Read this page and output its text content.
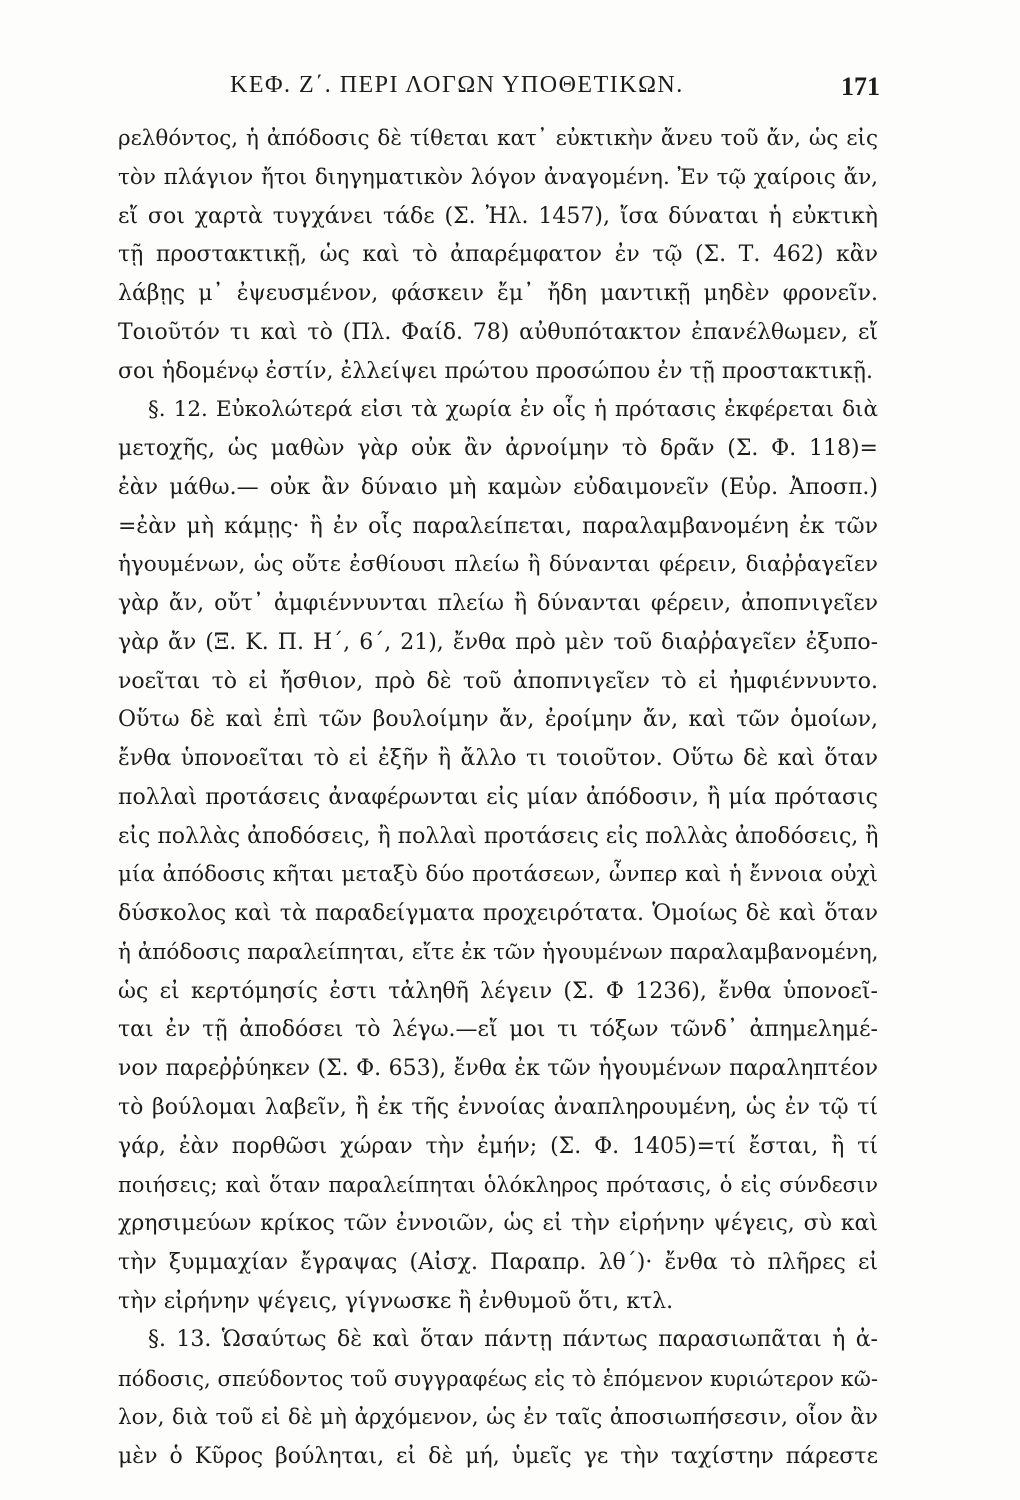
ΚΕΦ. Ζ΄. ΠΕΡΙ ΛΟΓΩΝ ΥΠΟΘΕΤΙΚΩΝ.	171
ρελθόντος, ἡ ἀπόδοσις δὲ τίθεται κατ᾽ εὐκτικὴν ἄνευ τοῦ ἄν, ὡς εἰς
τὸν πλάγιον ἤτοι διηγηματικὸν λόγον ἀναγομένη. Ἐν τῷ χαίροις ἄν,
εἴ σοι χαρτὰ τυγχάνει τάδε (Σ. Ἠλ. 1457), ἴσα δύναται ἡ εὐκτικὴ
τῇ προστακτικῇ, ὡς καὶ τὸ ἀπαρέμφατον ἐν τῷ (Σ. Τ. 462) κἂν
λάβῃς μ᾽ ἐψευσμένον, φάσκειν ἔμ᾽ ἤδη μαντικῇ μηδὲν φρονεῖν.
Τοιοῦτόν τι καὶ τὸ (Πλ. Φαίδ. 78) αὐθυπότακτον ἐπανέλθωμεν, εἴ
σοι ἡδομένῳ ἐστίν, ἐλλείψει πρώτου προσώπου ἐν τῇ προστακτικῇ.
§. 12. Εὐκολώτερά εἰσι τὰ χωρία ἐν οἷς ἡ πρότασις ἐκφέρεται διὰ
μετοχῆς, ὡς μαθὼν γὰρ οὐκ ἂν ἀρνοίμην τὸ δρᾶν (Σ. Φ. 118)=
ἐὰν μάθω.— οὐκ ἂν δύναιο μὴ καμὼν εὐδαιμονεῖν (Εὐρ. Ἀποσπ.)
=ἐὰν μὴ κάμῃς· ἢ ἐν οἷς παραλείπεται, παραλαμβανομένη ἐκ τῶν
ἡγουμένων, ὡς οὔτε ἐσθίουσι πλείω ἢ δύνανται φέρειν, διαῤῥαγεῖεν
γὰρ ἄν, οὔτ᾽ ἀμφιέννυνται πλείω ἢ δύνανται φέρειν, ἀποπνιγεῖεν
γὰρ ἄν (Ξ. Κ. Π. Η΄, 6΄, 21), ἔνθα πρὸ μὲν τοῦ διαῤῥαγεῖεν ἐξυπο-
νοεῖται τὸ εἰ ἤσθιον, πρὸ δὲ τοῦ ἀποπνιγεῖεν τὸ εἰ ἠμφιέννυντο.
Οὕτω δὲ καὶ ἐπὶ τῶν βουλοίμην ἄν, ἐροίμην ἄν, καὶ τῶν ὁμοίων,
ἔνθα ὑπονοεῖται τὸ εἰ ἐξῆν ἢ ἄλλο τι τοιοῦτον. Οὕτω δὲ καὶ ὅταν
πολλαὶ προτάσεις ἀναφέρωνται εἰς μίαν ἀπόδοσιν, ἢ μία πρότασις
εἰς πολλὰς ἀποδόσεις, ἢ πολλαὶ προτάσεις εἰς πολλὰς ἀποδόσεις, ἢ
μία ἀπόδοσις κῆται μεταξὺ δύο προτάσεων, ὧνπερ καὶ ἡ ἔννοια οὐχὶ
δύσκολος καὶ τὰ παραδείγματα προχειρότατα. Ὁμοίως δὲ καὶ ὅταν
ἡ ἀπόδοσις παραλείπηται, εἴτε ἐκ τῶν ἡγουμένων παραλαμβανομένη,
ὡς εἰ κερτόμησίς ἐστι τἀληθῆ λέγειν (Σ. Φ 1236), ἔνθα ὑπονοεῖ-
ται ἐν τῇ ἀποδόσει τὸ λέγω.—εἴ μοι τι τόξων τῶνδ᾽ ἀπημελημέ-
νον παρεῤῥύηκεν (Σ. Φ. 653), ἔνθα ἐκ τῶν ἡγουμένων παραληπτέον
τὸ βούλομαι λαβεῖν, ἢ ἐκ τῆς ἐννοίας ἀναπληρουμένη, ὡς ἐν τῷ τί
γάρ, ἐὰν πορθῶσι χώραν τὴν ἐμήν; (Σ. Φ. 1405)=τί ἔσται, ἢ τί
ποιήσεις; καὶ ὅταν παραλείπηται ὁλόκληρος πρότασις, ὁ εἰς σύνδεσιν
χρησιμεύων κρίκος τῶν ἐννοιῶν, ὡς εἰ τὴν εἰρήνην ψέγεις, σὺ καὶ
τὴν ξυμμαχίαν ἔγραψας (Αἰσχ. Παραπρ. λθ΄)· ἔνθα τὸ πλῆρες εἰ
τὴν εἰρήνην ψέγεις, γίγνωσκε ἢ ἐνθυμοῦ ὅτι, κτλ.
§. 13. Ὡσαύτως δὲ καὶ ὅταν πάντῃ πάντως παρασιωπᾶται ἡ ἀ-
πόδοσις, σπεύδοντος τοῦ συγγραφέως εἰς τὸ ἑπόμενον κυριώτερον κῶ-
λον, διὰ τοῦ εἰ δὲ μὴ ἀρχόμενον, ὡς ἐν ταῖς ἀποσιωπήσεσιν, οἷον ἂν
μὲν ὁ Κῦρος βούληται, εἰ δὲ μή, ὑμεῖς γε τὴν ταχίστην πάρεστε
